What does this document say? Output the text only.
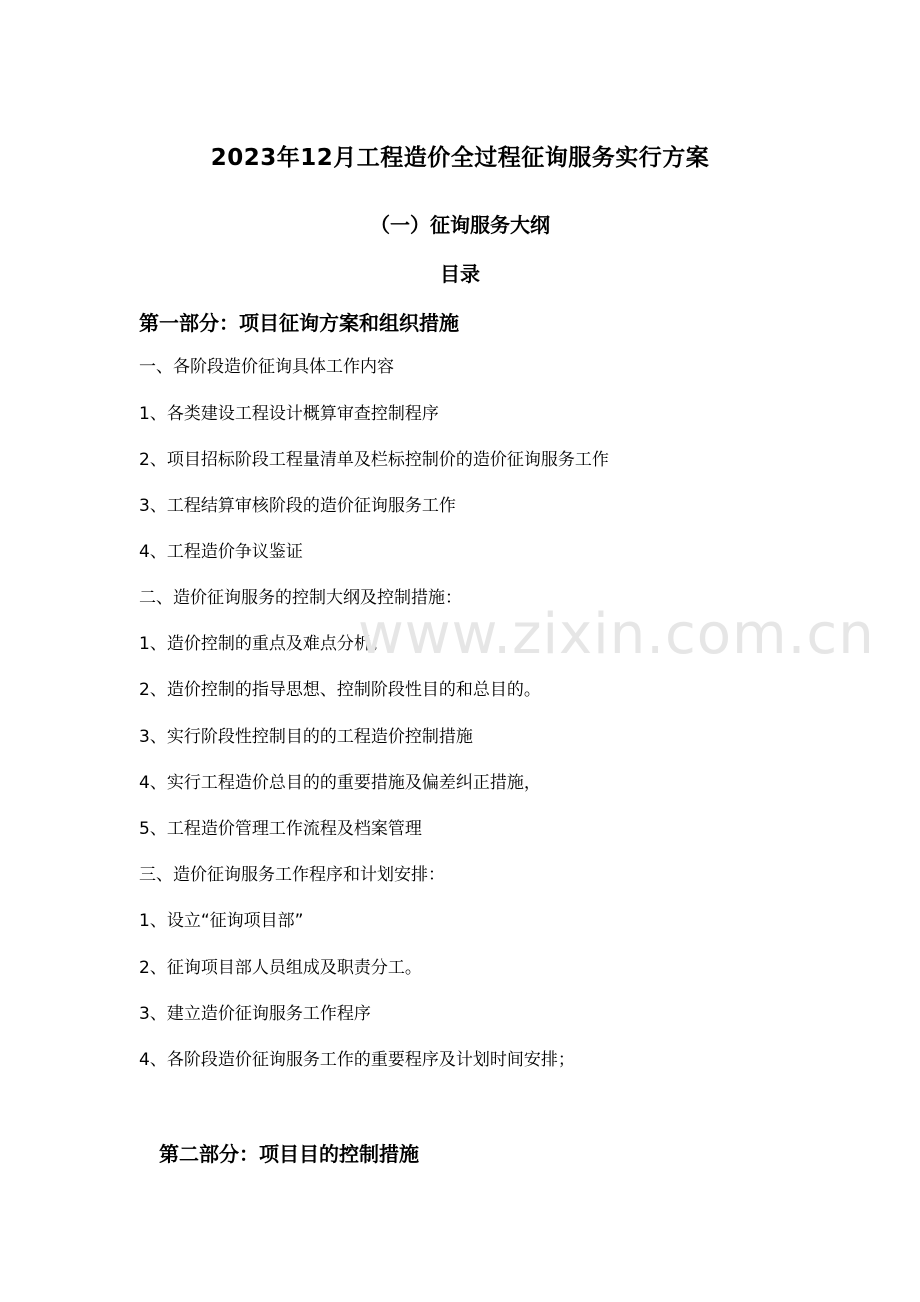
2023年12月工程造价全过程征询服务实行方案
（一）征询服务大纲
目录
第一部分：项目征询方案和组织措施
一、各阶段造价征询具体工作内容
1、各类建设工程设计概算审查控制程序
2、项目招标阶段工程量清单及栏标控制价的造价征询服务工作
3、工程结算审核阶段的造价征询服务工作
4、工程造价争议鉴证
二、造价征询服务的控制大纲及控制措施：
1、造价控制的重点及难点分析。
2、造价控制的指导思想、控制阶段性目的和总目的。
3、实行阶段性控制目的的工程造价控制措施
4、实行工程造价总目的的重要措施及偏差纠正措施，
5、工程造价管理工作流程及档案管理
三、造价征询服务工作程序和计划安排：
1、设立“征询项目部”
2、征询项目部人员组成及职责分工。
3、建立造价征询服务工作程序
4、各阶段造价征询服务工作的重要程序及计划时间安排；
第二部分：项目目的控制措施
www.zixin.com.cn
